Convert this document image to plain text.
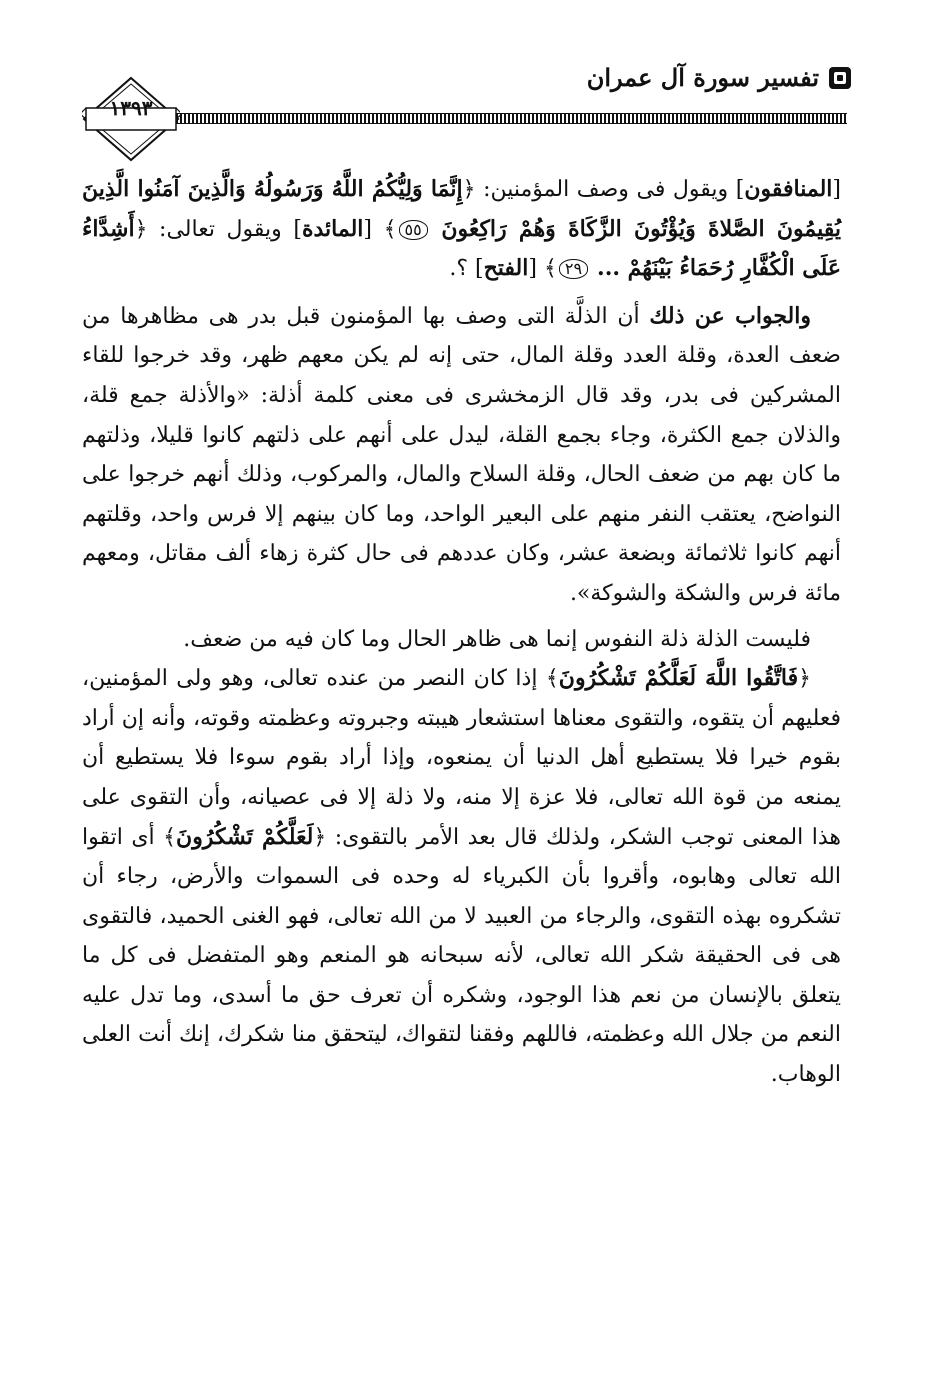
تفسير سورة آل عمران
١٣٩٣

[المنافقون] ويقول فى وصف المؤمنين: ﴿إِنَّمَا وَلِيُّكُمُ اللَّهُ وَرَسُولُهُ وَالَّذِينَ آمَنُوا الَّذِينَ يُقِيمُونَ الصَّلاةَ وَيُؤْتُونَ الزَّكَاةَ وَهُمْ رَاكِعُونَ ٥٥﴾ [المائدة] ويقول تعالى: ﴿أَشِدَّاءُ عَلَى الْكُفَّارِ رُحَمَاءُ بَيْنَهُمْ ... ٢٩﴾ [الفتح] ؟.

والجواب عن ذلك أن الذلَّة التى وصف بها المؤمنون قبل بدر هى مظاهرها من ضعف العدة، وقلة العدد وقلة المال، حتى إنه لم يكن معهم ظهر، وقد خرجوا للقاء المشركين فى بدر، وقد قال الزمخشرى فى معنى كلمة أذلة: «والأذلة جمع قلة، والذلان جمع الكثرة، وجاء بجمع القلة، ليدل على أنهم على ذلتهم كانوا قليلا، وذلتهم ما كان بهم من ضعف الحال، وقلة السلاح والمال، والمركوب، وذلك أنهم خرجوا على النواضح، يعتقب النفر منهم على البعير الواحد، وما كان بينهم إلا فرس واحد، وقلتهم أنهم كانوا ثلاثمائة وبضعة عشر، وكان عددهم فى حال كثرة زهاء ألف مقاتل، ومعهم مائة فرس والشكة والشوكة».

فليست الذلة ذلة النفوس إنما هى ظاهر الحال وما كان فيه من ضعف.

﴿فَاتَّقُوا اللَّهَ لَعَلَّكُمْ تَشْكُرُونَ﴾ إذا كان النصر من عنده تعالى، وهو ولى المؤمنين، فعليهم أن يتقوه، والتقوى معناها استشعار هيبته وجبروته وعظمته وقوته، وأنه إن أراد بقوم خيرا فلا يستطيع أهل الدنيا أن يمنعوه، وإذا أراد بقوم سوءا فلا يستطيع أن يمنعه من قوة الله تعالى، فلا عزة إلا منه، ولا ذلة إلا فى عصيانه، وأن التقوى على هذا المعنى توجب الشكر، ولذلك قال بعد الأمر بالتقوى: ﴿لَعَلَّكُمْ تَشْكُرُونَ﴾ أى اتقوا الله تعالى وهابوه، وأقروا بأن الكبرياء له وحده فى السموات والأرض، رجاء أن تشكروه بهذه التقوى، والرجاء من العبيد لا من الله تعالى، فهو الغنى الحميد، فالتقوى هى فى الحقيقة شكر الله تعالى، لأنه سبحانه هو المنعم وهو المتفضل فى كل ما يتعلق بالإنسان من نعم هذا الوجود، وشكره أن تعرف حق ما أسدى، وما تدل عليه النعم من جلال الله وعظمته، فاللهم وفقنا لتقواك، ليتحقق منا شكرك، إنك أنت العلى الوهاب.
